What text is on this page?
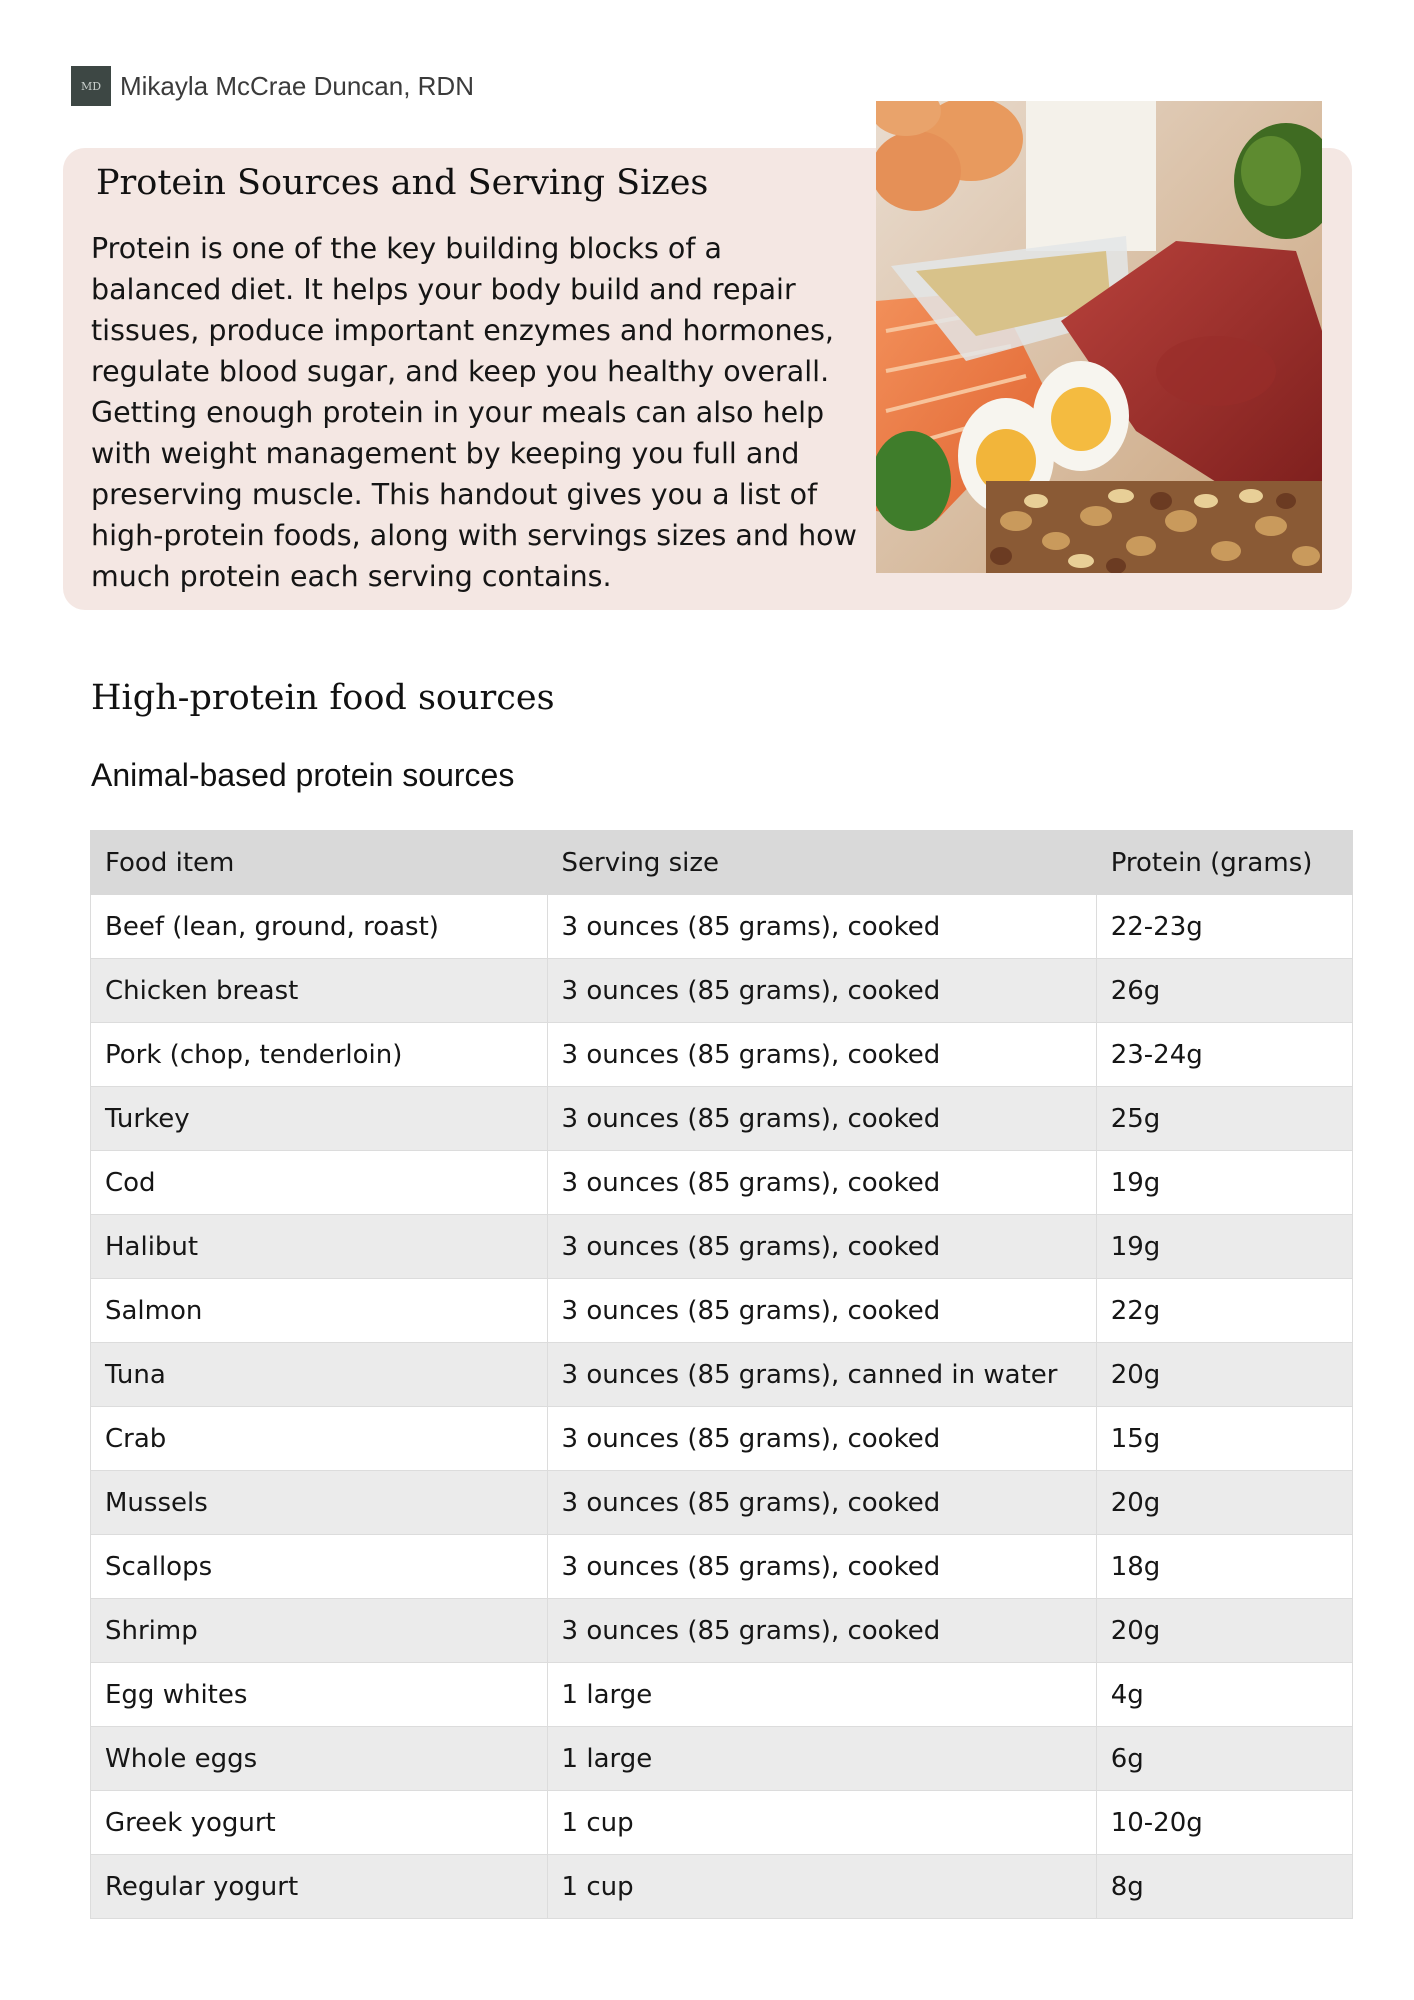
MD Mikayla McCrae Duncan, RDN
Protein Sources and Serving Sizes

Protein is one of the key building blocks of a balanced diet. It helps your body build and repair tissues, produce important enzymes and hormones, regulate blood sugar, and keep you healthy overall. Getting enough protein in your meals can also help with weight management by keeping you full and preserving muscle. This handout gives you a list of high-protein foods, along with servings sizes and how much protein each serving contains.

High-protein food sources
Animal-based protein sources
Food item	Serving size	Protein (grams)
Beef (lean, ground, roast)	3 ounces (85 grams), cooked	22-23g
Chicken breast	3 ounces (85 grams), cooked	26g
Pork (chop, tenderloin)	3 ounces (85 grams), cooked	23-24g
Turkey	3 ounces (85 grams), cooked	25g
Cod	3 ounces (85 grams), cooked	19g
Halibut	3 ounces (85 grams), cooked	19g
Salmon	3 ounces (85 grams), cooked	22g
Tuna	3 ounces (85 grams), canned in water	20g
Crab	3 ounces (85 grams), cooked	15g
Mussels	3 ounces (85 grams), cooked	20g
Scallops	3 ounces (85 grams), cooked	18g
Shrimp	3 ounces (85 grams), cooked	20g
Egg whites	1 large	4g
Whole eggs	1 large	6g
Greek yogurt	1 cup	10-20g
Regular yogurt	1 cup	8g
